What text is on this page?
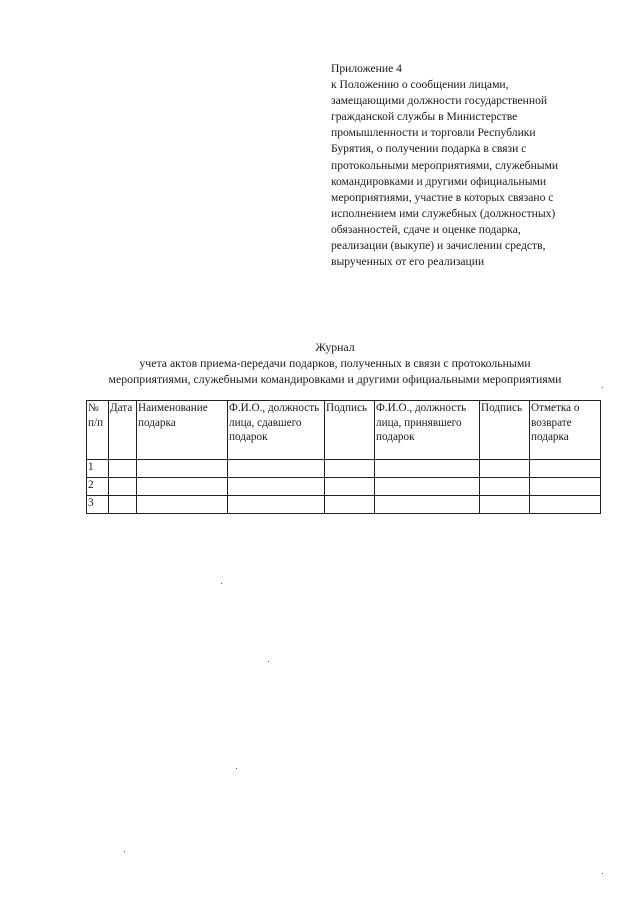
Приложение 4
к Положению о сообщении лицами,
замещающими должности государственной
гражданской службы в Министерстве
промышленности и торговли Республики
Бурятия, о получении подарка в связи с
протокольными мероприятиями, служебными
командировками и другими официальными
мероприятиями, участие в которых связано с
исполнением ими служебных (должностных)
обязанностей, сдаче и оценке подарка,
реализации (выкупе) и зачислении средств,
вырученных от его реализации
Журнал
учета актов приема-передачи подарков, полученных в связи с протокольными
мероприятиями, служебными командировками и другими официальными мероприятиями
№ п/п	Дата	Наименование подарка	Ф.И.О., должность лица, сдавшего подарок	Подпись	Ф.И.О., должность лица, принявшего подарок	Подпись	Отметка о возврате подарка
1							
2							
3							
